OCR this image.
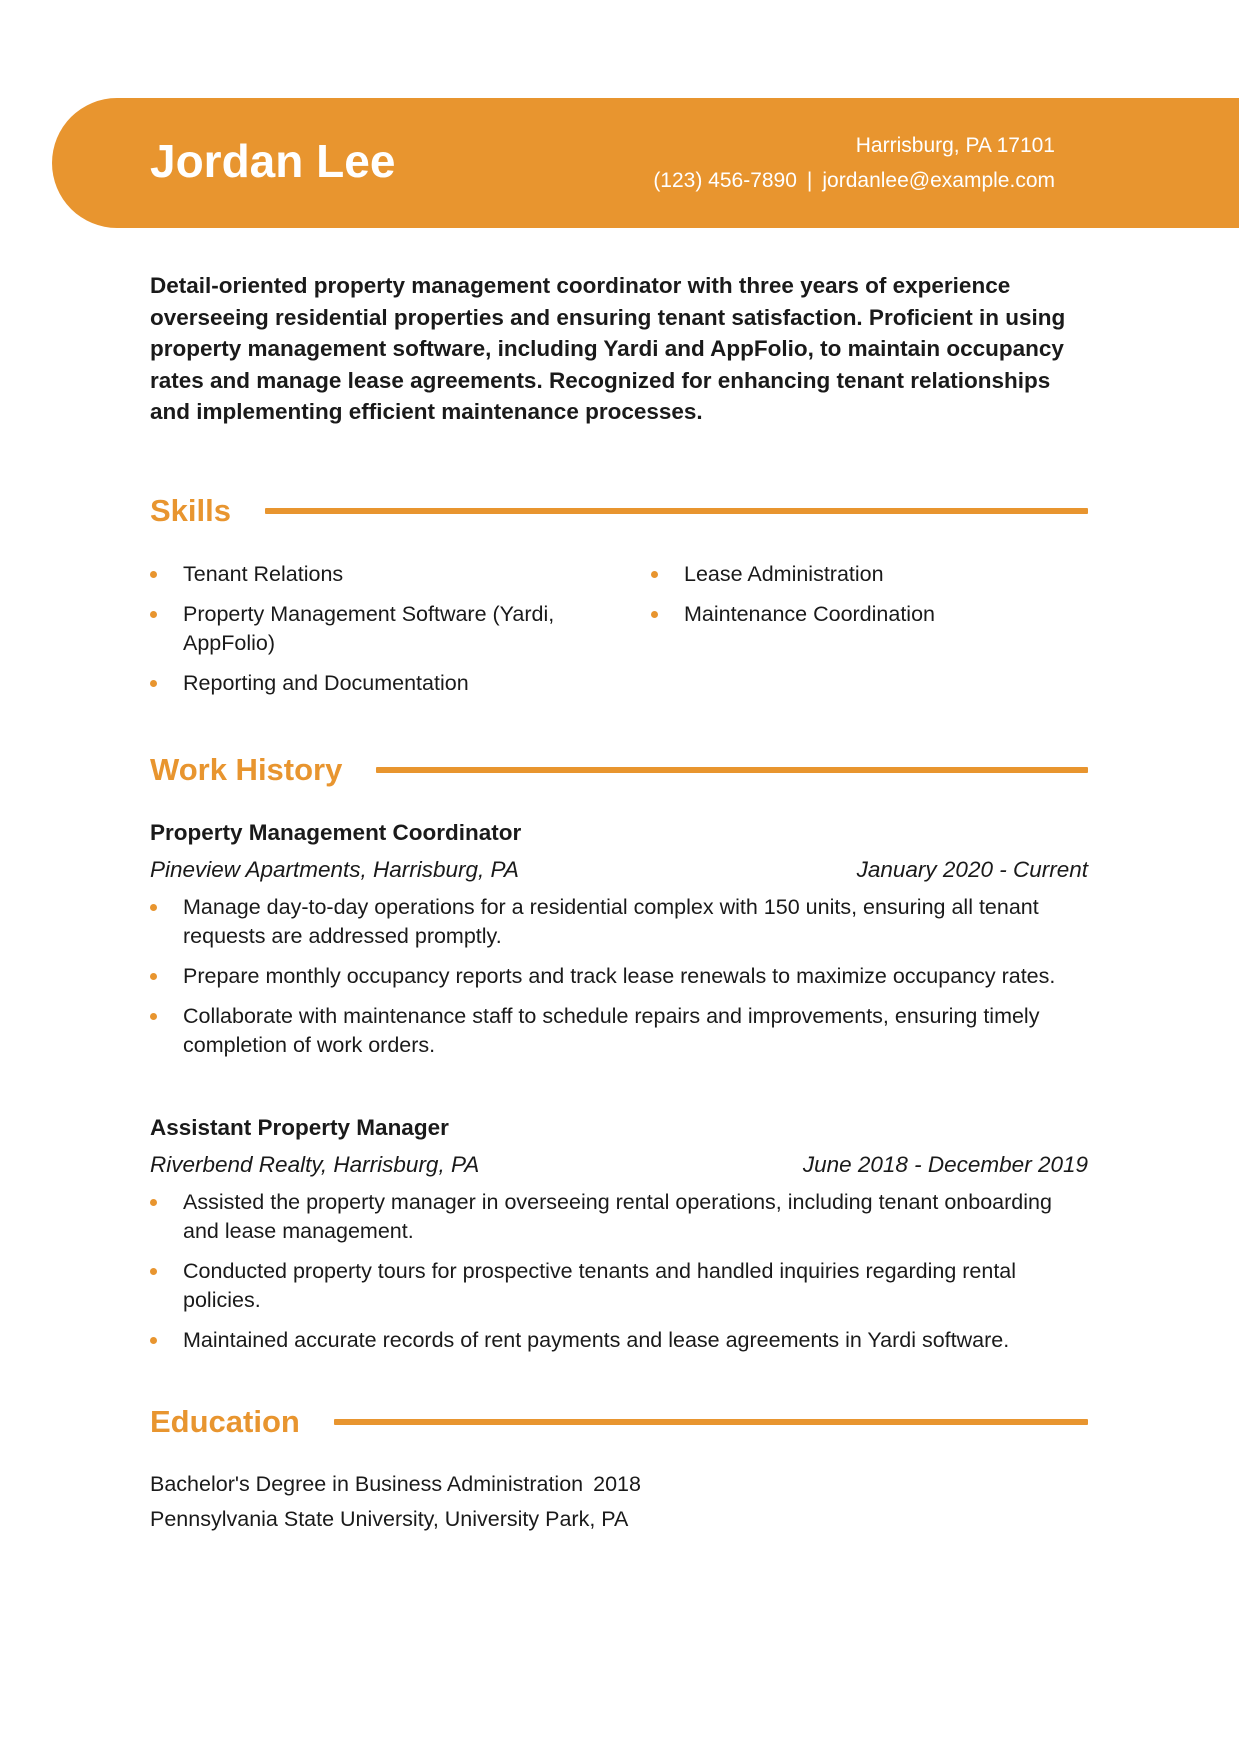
Jordan Lee	Harrisburg, PA 17101
(123) 456-7890 | jordanlee@example.com

Detail-oriented property management coordinator with three years of experience overseeing residential properties and ensuring tenant satisfaction. Proficient in using property management software, including Yardi and AppFolio, to maintain occupancy rates and manage lease agreements. Recognized for enhancing tenant relationships and implementing efficient maintenance processes.

Skills
Tenant Relations
Property Management Software (Yardi, AppFolio)
Reporting and Documentation
Lease Administration
Maintenance Coordination
Work History

Property Management Coordinator

Pineview Apartments, Harrisburg, PA	January 2020 - Current
Manage day-to-day operations for a residential complex with 150 units, ensuring all tenant requests are addressed promptly.
Prepare monthly occupancy reports and track lease renewals to maximize occupancy rates.
Collaborate with maintenance staff to schedule repairs and improvements, ensuring timely completion of work orders.

Assistant Property Manager

Riverbend Realty, Harrisburg, PA	June 2018 - December 2019
Assisted the property manager in overseeing rental operations, including tenant onboarding and lease management.
Conducted property tours for prospective tenants and handled inquiries regarding rental policies.
Maintained accurate records of rent payments and lease agreements in Yardi software.
Education
Bachelor's Degree in Business Administration 2018
Pennsylvania State University, University Park, PA
